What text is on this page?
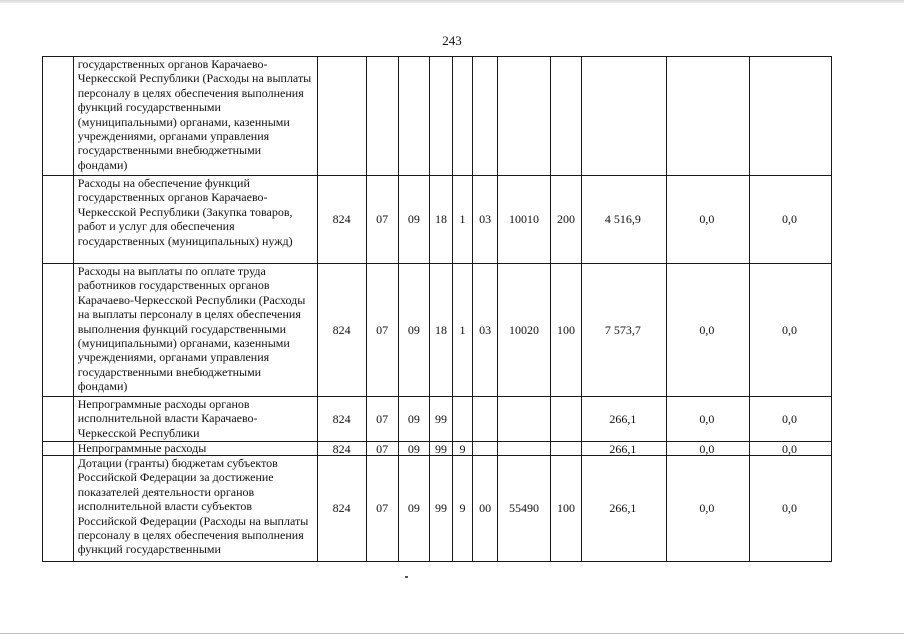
243
	государственных органов Карачаево-Черкесской Республики (Расходы на выплаты персоналу в целях обеспечения выполнения функций государственными (муниципальными) органами, казенными учреждениями, органами управления государственными внебюджетными фондами)											
	Расходы на обеспечение функций государственных органов Карачаево-Черкесской Республики (Закупка товаров, работ и услуг для обеспечения государственных (муниципальных) нужд)	824	07	09	18	1	03	10010	200	4 516,9	0,0	0,0
	Расходы на выплаты по оплате труда работников государственных органов Карачаево-Черкесской Республики (Расходы на выплаты персоналу в целях обеспечения выполнения функций государственными (муниципальными) органами, казенными учреждениями, органами управления государственными внебюджетными фондами)	824	07	09	18	1	03	10020	100	7 573,7	0,0	0,0
	Непрограммные расходы органов исполнительной власти Карачаево-Черкесской Республики	824	07	09	99					266,1	0,0	0,0
	Непрограммные расходы	824	07	09	99	9				266,1	0,0	0,0
	Дотации (гранты) бюджетам субъектов Российской Федерации за достижение показателей деятельности органов исполнительной власти субъектов Российской Федерации (Расходы на выплаты персоналу в целях обеспечения выполнения функций государственными	824	07	09	99	9	00	55490	100	266,1	0,0	0,0
